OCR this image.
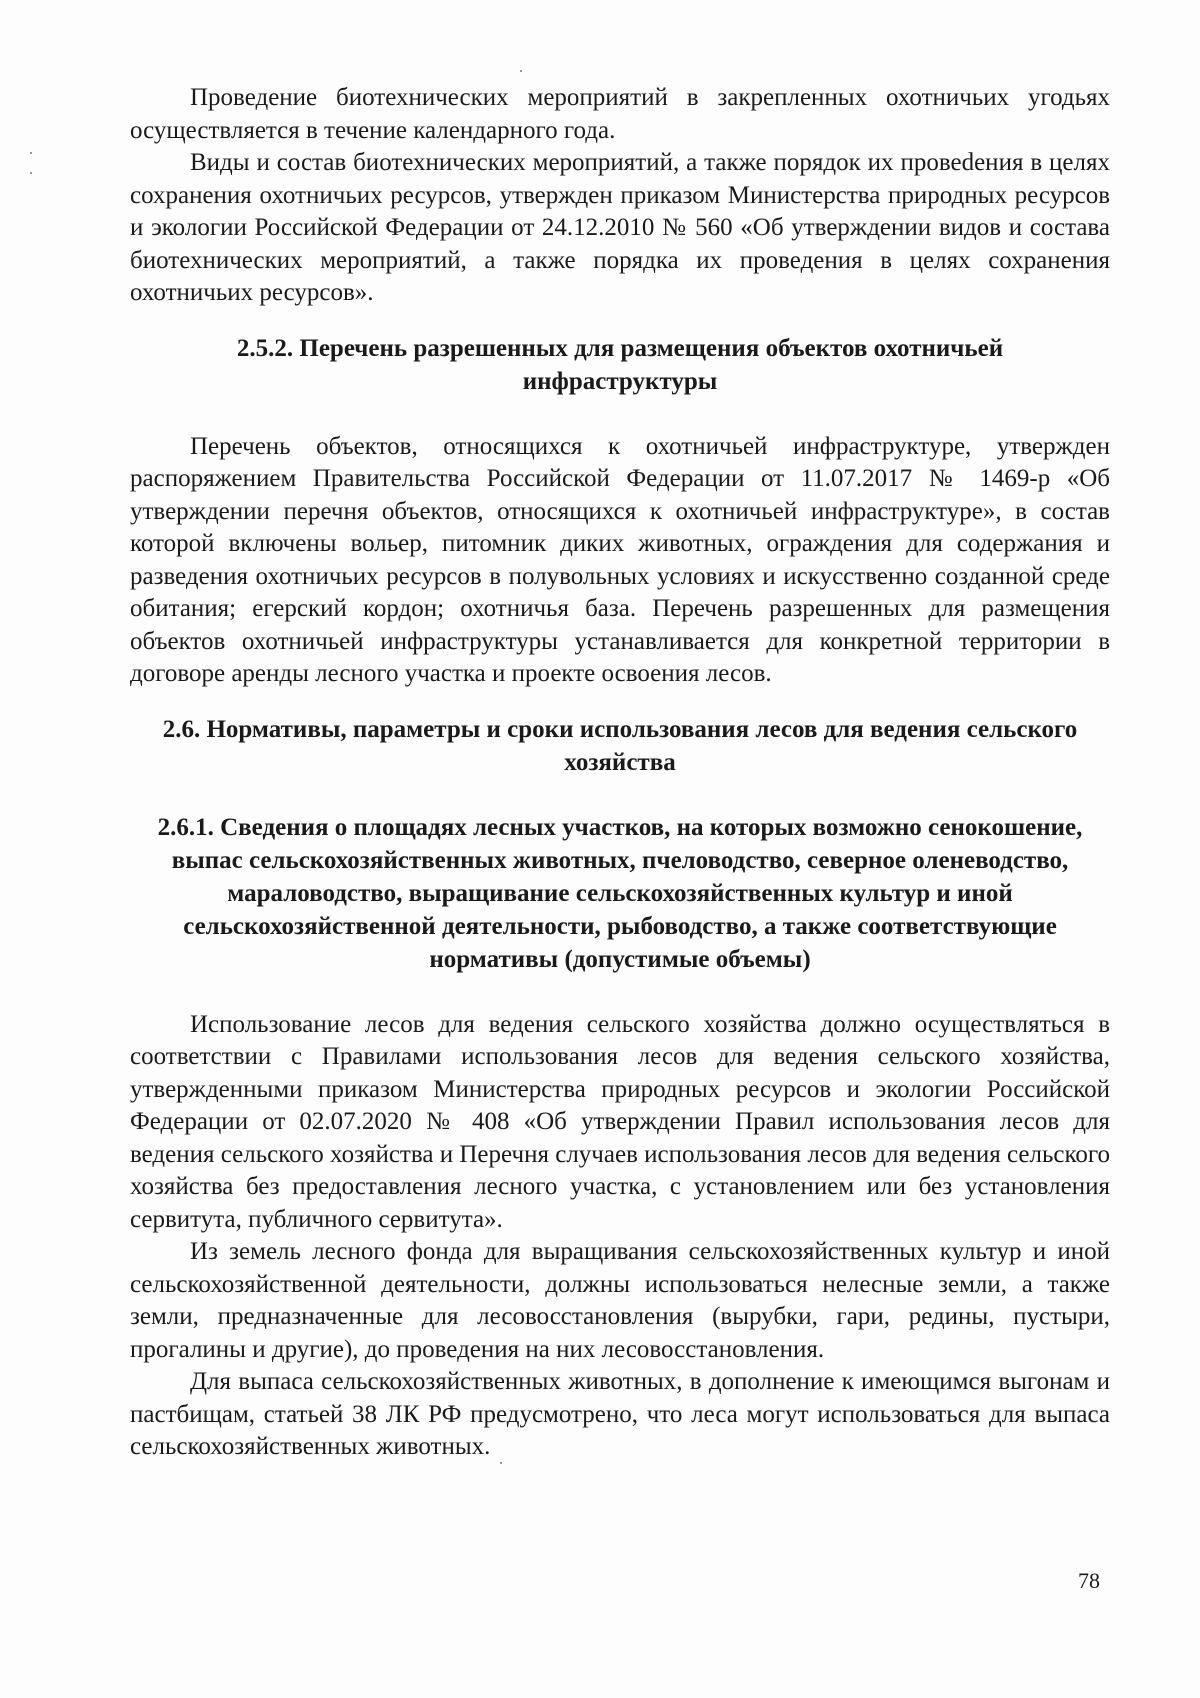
Проведение биотехнических мероприятий в закрепленных охотничьих угодьях осуществляется в течение календарного года.

Виды и состав биотехнических мероприятий, а также порядок их провеdения в целях сохранения охотничьих ресурсов, утвержден приказом Министерства природных ресурсов и экологии Российской Федерации от 24.12.2010 № 560 «Об утверждении видов и состава биотехнических мероприятий, а также порядка их проведения в целях сохранения охотничьих ресурсов».

2.5.2. Перечень разрешенных для размещения объектов охотничьей инфраструктуры

Перечень объектов, относящихся к охотничьей инфраструктуре, утвержден распоряжением Правительства Российской Федерации от 11.07.2017 № 1469-р «Об утверждении перечня объектов, относящихся к охотничьей инфраструктуре», в состав которой включены вольер, питомник диких животных, ограждения для содержания и разведения охотничьих ресурсов в полувольных условиях и искусственно созданной среде обитания; егерский кордон; охотничья база. Перечень разрешенных для размещения объектов охотничьей инфраструктуры устанавливается для конкретной территории в договоре аренды лесного участка и проекте освоения лесов.

2.6. Нормативы, параметры и сроки использования лесов для ведения сельского хозяйства
2.6.1. Сведения о площадях лесных участков, на которых возможно сенокошение, выпас сельскохозяйственных животных, пчеловодство, северное оленеводство, мараловодство, выращивание сельскохозяйственных культур и иной сельскохозяйственной деятельности, рыбоводство, а также соответствующие нормативы (допустимые объемы)

Использование лесов для ведения сельского хозяйства должно осуществляться в соответствии с Правилами использования лесов для ведения сельского хозяйства, утвержденными приказом Министерства природных ресурсов и экологии Российской Федерации от 02.07.2020 № 408 «Об утверждении Правил использования лесов для ведения сельского хозяйства и Перечня случаев использования лесов для ведения сельского хозяйства без предоставления лесного участка, с установлением или без установления сервитута, публичного сервитута».

Из земель лесного фонда для выращивания сельскохозяйственных культур и иной сельскохозяйственной деятельности, должны использоваться нелесные земли, а также земли, предназначенные для лесовосстановления (вырубки, гари, редины, пустыри, прогалины и другие), до проведения на них лесовосстановления.

Для выпаса сельскохозяйственных животных, в дополнение к имеющимся выгонам и пастбищам, статьей 38 ЛК РФ предусмотрено, что леса могут использоваться для выпаса сельскохозяйственных животных.

78
